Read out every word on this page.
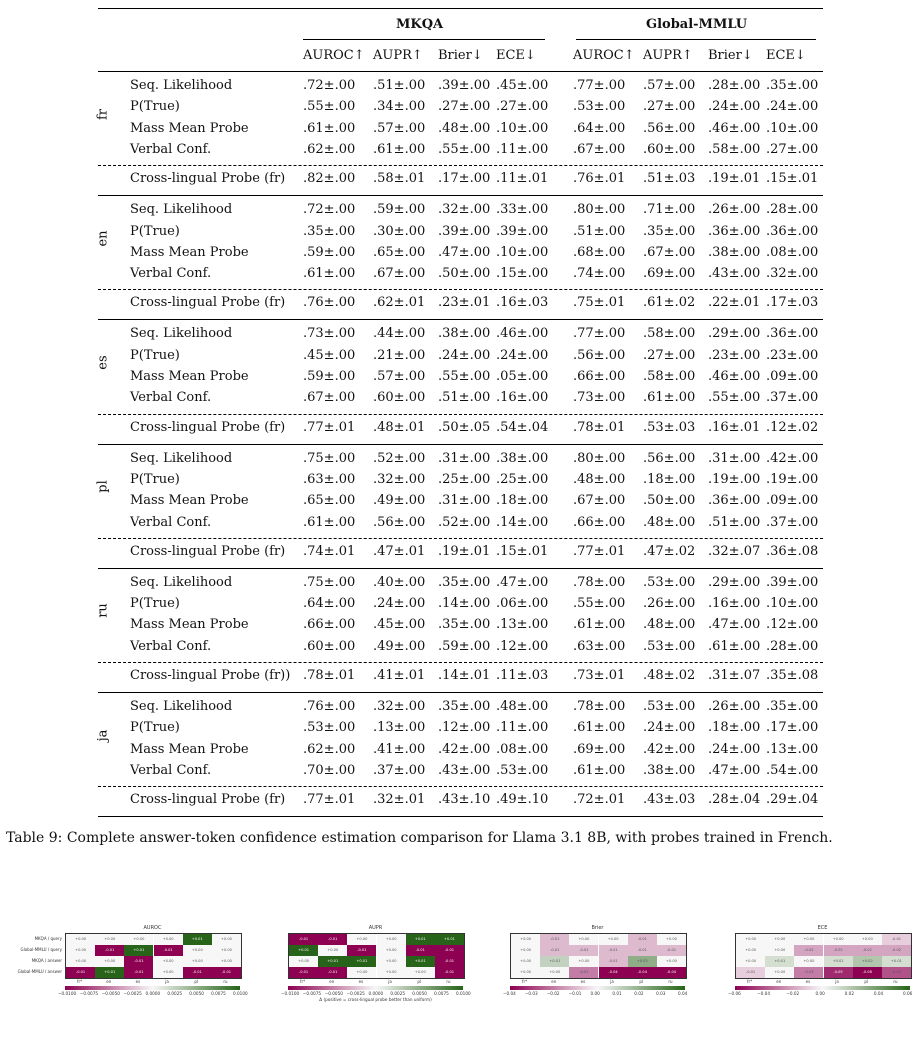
MKQA	Global-MMLU
AUROC↑ AUPR↑ Brier↓ ECE↓	AUROC↑ AUPR↑ Brier↓ ECE↓
Seq. Likelihood	.72±.00 .51±.00 .39±.00 .45±.00 .77±.00 .57±.00 .28±.00 .35±.00
P(True)	.55±.00 .34±.00 .27±.00 .27±.00 .53±.00 .27±.00 .24±.00 .24±.00
Mass Mean Probe	.61±.00 .57±.00 .48±.00 .10±.00 .64±.00 .56±.00 .46±.00 .10±.00
Verbal Conf.	.62±.00 .61±.00 .55±.00 .11±.00 .67±.00 .60±.00 .58±.00 .27±.00
fr
Cross-lingual Probe (fr) .82±.00 .58±.01 .17±.00 .11±.01 .76±.01 .51±.03 .19±.01 .15±.01
Seq. Likelihood	.72±.00 .59±.00 .32±.00 .33±.00 .80±.00 .71±.00 .26±.00 .28±.00
P(True)	.35±.00 .30±.00 .39±.00 .39±.00 .51±.00 .35±.00 .36±.00 .36±.00
Mass Mean Probe	.59±.00 .65±.00 .47±.00 .10±.00 .68±.00 .67±.00 .38±.00 .08±.00
Verbal Conf.	.61±.00 .67±.00 .50±.00 .15±.00 .74±.00 .69±.00 .43±.00 .32±.00
en
Cross-lingual Probe (fr) .76±.00 .62±.01 .23±.01 .16±.03 .75±.01 .61±.02 .22±.01 .17±.03
Seq. Likelihood	.73±.00 .44±.00 .38±.00 .46±.00 .77±.00 .58±.00 .29±.00 .36±.00
P(True)	.45±.00 .21±.00 .24±.00 .24±.00 .56±.00 .27±.00 .23±.00 .23±.00
Mass Mean Probe	.59±.00 .57±.00 .55±.00 .05±.00 .66±.00 .58±.00 .46±.00 .09±.00
Verbal Conf.	.67±.00 .60±.00 .51±.00 .16±.00 .73±.00 .61±.00 .55±.00 .37±.00
es
Cross-lingual Probe (fr) .77±.01 .48±.01 .50±.05 .54±.04 .78±.01 .53±.03 .16±.01 .12±.02
Seq. Likelihood	.75±.00 .52±.00 .31±.00 .38±.00 .80±.00 .56±.00 .31±.00 .42±.00
P(True)	.63±.00 .32±.00 .25±.00 .25±.00 .48±.00 .18±.00 .19±.00 .19±.00
Mass Mean Probe	.65±.00 .49±.00 .31±.00 .18±.00 .67±.00 .50±.00 .36±.00 .09±.00
Verbal Conf.	.61±.00 .56±.00 .52±.00 .14±.00 .66±.00 .48±.00 .51±.00 .37±.00
pl
Cross-lingual Probe (fr) .74±.01 .47±.01 .19±.01 .15±.01 .77±.01 .47±.02 .32±.07 .36±.08
Seq. Likelihood	.75±.00 .40±.00 .35±.00 .47±.00 .78±.00 .53±.00 .29±.00 .39±.00
P(True)	.64±.00 .24±.00 .14±.00 .06±.00 .55±.00 .26±.00 .16±.00 .10±.00
Mass Mean Probe	.66±.00 .45±.00 .35±.00 .13±.00 .61±.00 .48±.00 .47±.00 .12±.00
Verbal Conf.	.60±.00 .49±.00 .59±.00 .12±.00 .63±.00 .53±.00 .61±.00 .28±.00
ru
Cross-lingual Probe (fr)) .78±.01 .41±.01 .14±.01 .11±.03 .73±.01 .48±.02 .31±.07 .35±.08
Seq. Likelihood	.76±.00 .32±.00 .35±.00 .48±.00 .78±.00 .53±.00 .26±.00 .35±.00
P(True)	.53±.00 .13±.00 .12±.00 .11±.00 .61±.00 .24±.00 .18±.00 .17±.00
Mass Mean Probe	.62±.00 .41±.00 .42±.00 .08±.00 .69±.00 .42±.00 .24±.00 .13±.00
Verbal Conf.	.70±.00 .37±.00 .43±.00 .53±.00 .61±.00 .38±.00 .47±.00 .54±.00
ja
Cross-lingual Probe (fr) .77±.01 .32±.01 .43±.10 .49±.10 .72±.01 .43±.03 .28±.04 .29±.04
Table 9: Complete answer-token confidence estimation comparison for Llama 3.1 8B, with probes trained in French.
AUROC
+0.00	+0.00	+0.00	+0.00	+0.01	+0.00
+0.00	-0.01	+0.01	-0.01	+0.00	+0.00
+0.00	+0.00	-0.01	+0.00	+0.00	+0.00
-0.01	+0.01	-0.01	+0.00	-0.01	-0.01
MKQA / query
Global-MMLU / query
MKQA / answer
Global-MMLU / answer
fr*	en	es	ja	pl	ru
−0.0100 −0.0075 −0.0050 −0.0025 0.0000 0.0025 0.0050 0.0075 0.0100
AUPR
-0.01	-0.01	+0.00	+0.00	+0.01	+0.01
+0.01	+0.00	-0.01	+0.00	-0.01	-0.01
+0.00	+0.01	+0.01	+0.00	+0.01	-0.01
-0.01	-0.01	+0.00	+0.00	+0.00	-0.01
fr*	en	es	ja	pl	ru
−0.0100 −0.0075 −0.0050 −0.0025 0.0000 0.0025 0.0050 0.0075 0.0100
Δ (positive = cross-lingual probe better than uniform)
Brier
+0.00	-0.01	+0.00	+0.00	-0.01	+0.00
+0.00	-0.01	-0.01	-0.01	-0.01	-0.01
+0.00	+0.01	+0.00	-0.01	+0.02	+0.00
+0.00	+0.00	-0.02	-0.04	-0.04	-0.04
fr*	en	es	ja	pl	ru
−0.04 −0.03 −0.02 −0.01 0.00	0.01	0.02	0.03	0.04
ECE
+0.00	+0.00	+0.00	+0.00	+0.00	-0.01
+0.00	+0.00	-0.02	-0.02	-0.02	-0.02
+0.00	+0.01	+0.00	+0.01	+0.02	+0.01
-0.01	+0.00	-0.03	-0.05	-0.06	-0.04
fr*	en	es	ja	pl	ru
−0.06	−0.04	−0.02	0.00	0.02	0.04	0.06
